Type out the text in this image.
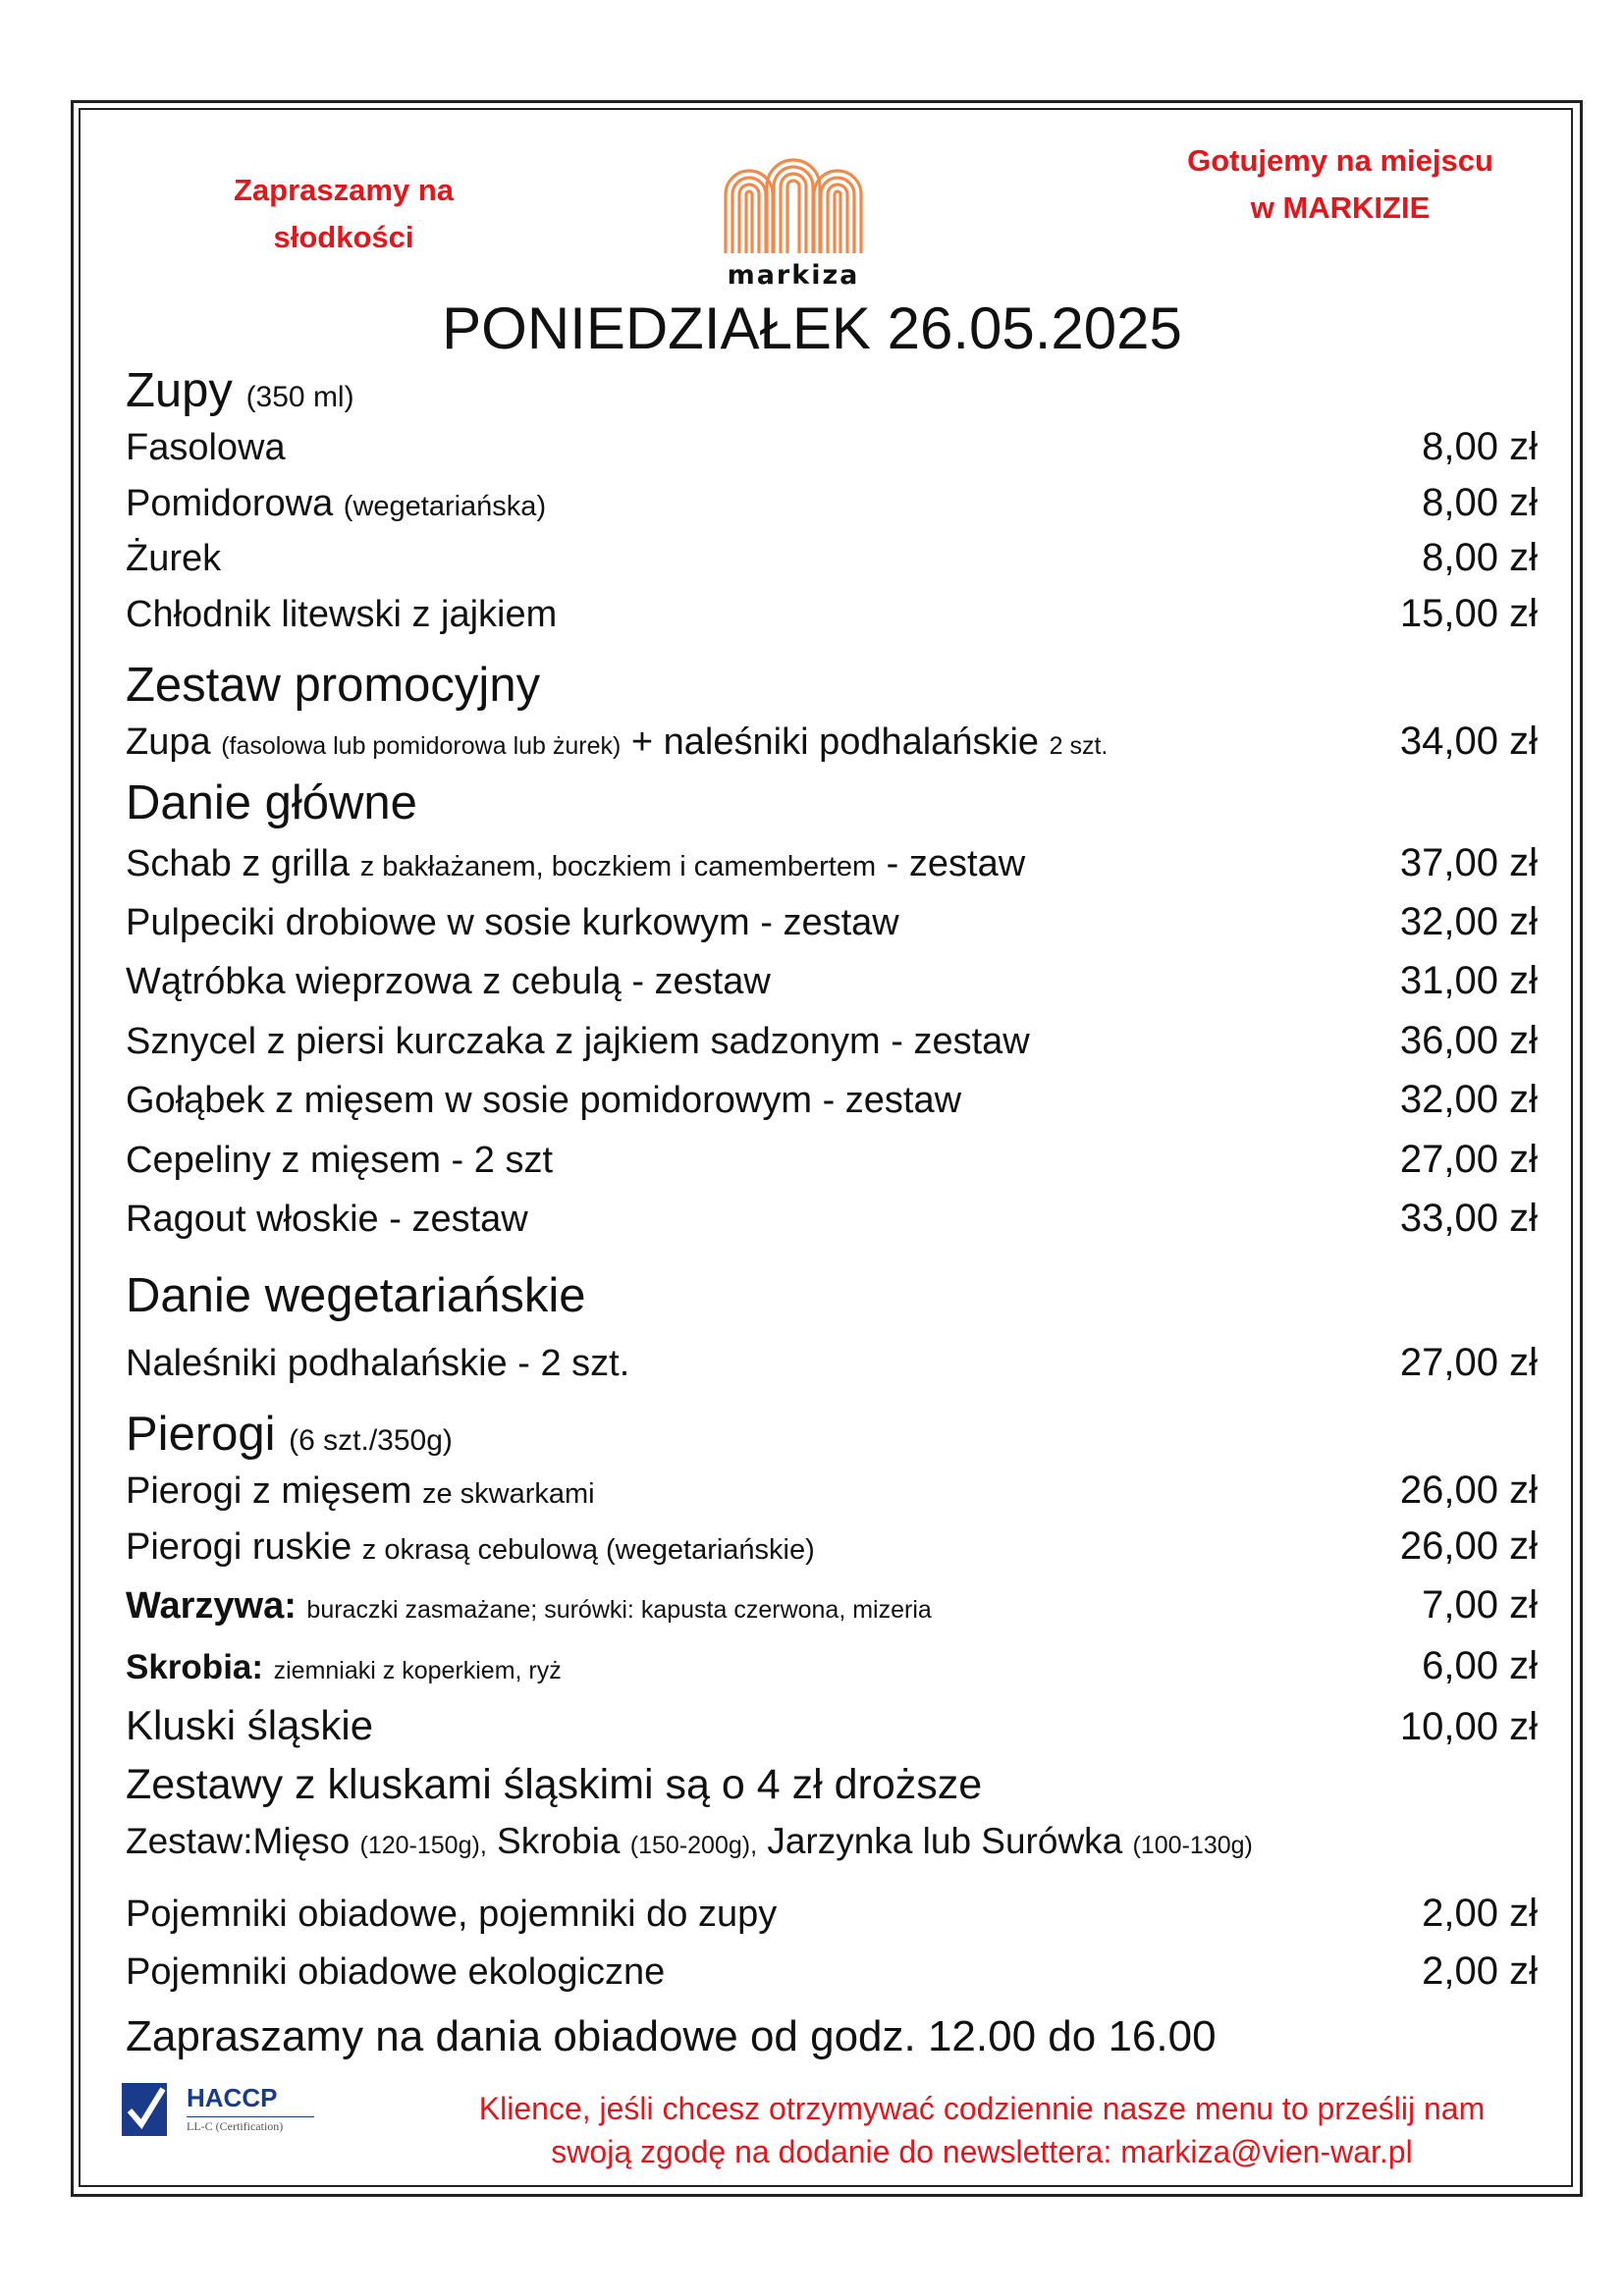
Zapraszamy na
słodkości
Gotujemy na miejscu
w MARKIZIE
markiza
PONIEDZIAŁEK 26.05.2025
Zupy (350 ml)
Fasolowa	8,00 zł
Pomidorowa (wegetariańska)	8,00 zł
Żurek	8,00 zł
Chłodnik litewski z jajkiem	15,00 zł
Zestaw promocyjny
Zupa (fasolowa lub pomidorowa lub żurek) + naleśniki podhalańskie 2 szt.	34,00 zł
Danie główne
Schab z grilla z bakłażanem, boczkiem i camembertem - zestaw	37,00 zł
Pulpeciki drobiowe w sosie kurkowym - zestaw	32,00 zł
Wątróbka wieprzowa z cebulą - zestaw	31,00 zł
Sznycel z piersi kurczaka z jajkiem sadzonym - zestaw	36,00 zł
Gołąbek z mięsem w sosie pomidorowym - zestaw	32,00 zł
Cepeliny z mięsem - 2 szt	27,00 zł
Ragout włoskie - zestaw	33,00 zł
Danie wegetariańskie
Naleśniki podhalańskie - 2 szt.	27,00 zł
Pierogi (6 szt./350g)
Pierogi z mięsem ze skwarkami	26,00 zł
Pierogi ruskie z okrasą cebulową (wegetariańskie)	26,00 zł
Warzywa: buraczki zasmażane; surówki: kapusta czerwona, mizeria	7,00 zł
Skrobia: ziemniaki z koperkiem, ryż	6,00 zł
Kluski śląskie	10,00 zł
Zestawy z kluskami śląskimi są o 4 zł droższe
Zestaw:Mięso (120-150g), Skrobia (150-200g), Jarzynka lub Surówka (100-130g)
Pojemniki obiadowe, pojemniki do zupy	2,00 zł
Pojemniki obiadowe ekologiczne	2,00 zł
Zapraszamy na dania obiadowe od godz. 12.00 do 16.00
HACCP
LL-C (Certification)	Klience, jeśli chcesz otrzymywać codziennie nasze menu to prześlij nam
swoją zgodę na dodanie do newslettera: markiza@vien-war.pl
